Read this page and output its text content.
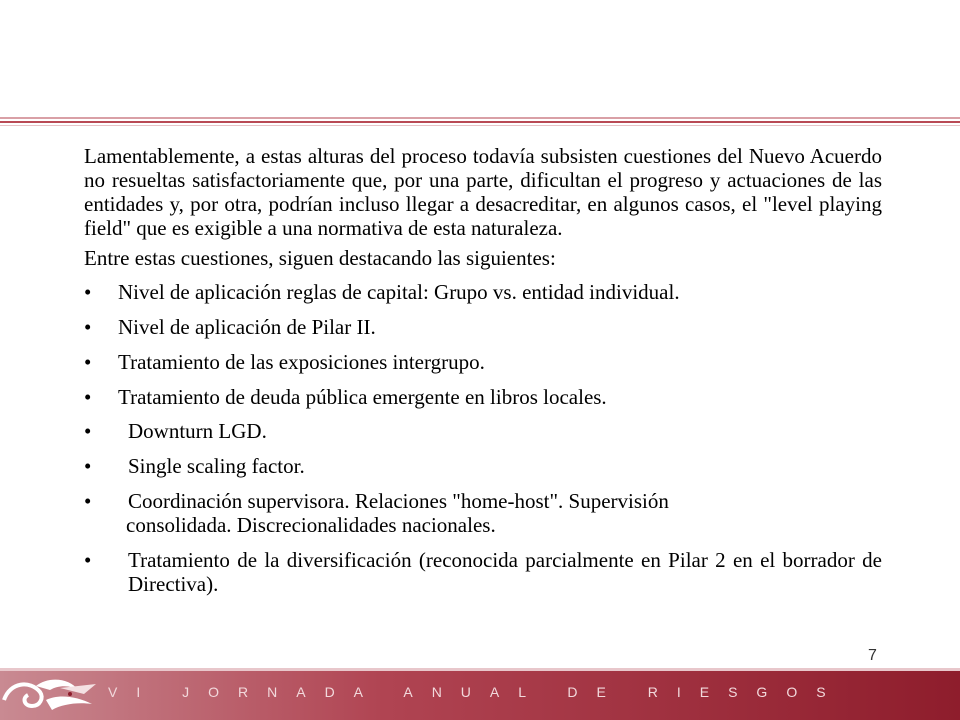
Lamentablemente, a estas alturas del proceso todavía subsisten cuestiones del Nuevo Acuerdo no resueltas satisfactoriamente que, por una parte, dificultan el progreso y actuaciones de las entidades y, por otra, podrían incluso llegar a desacreditar, en algunos casos, el "level playing field" que es exigible a una normativa de esta naturaleza.

Entre estas cuestiones, siguen destacando las siguientes:

• Nivel de aplicación reglas de capital: Grupo vs. entidad individual.
• Nivel de aplicación de Pilar II.
• Tratamiento de las exposiciones intergrupo.
• Tratamiento de deuda pública emergente en libros locales.
• Downturn LGD.
• Single scaling factor.
• Coordinación supervisora. Relaciones "home-host". Supervisión
consolidada. Discrecionalidades nacionales.
• Tratamiento de la diversificación (reconocida parcialmente en Pilar 2 en el borrador de Directiva).
7
VI JORNADA ANUAL DE RIESGOS
